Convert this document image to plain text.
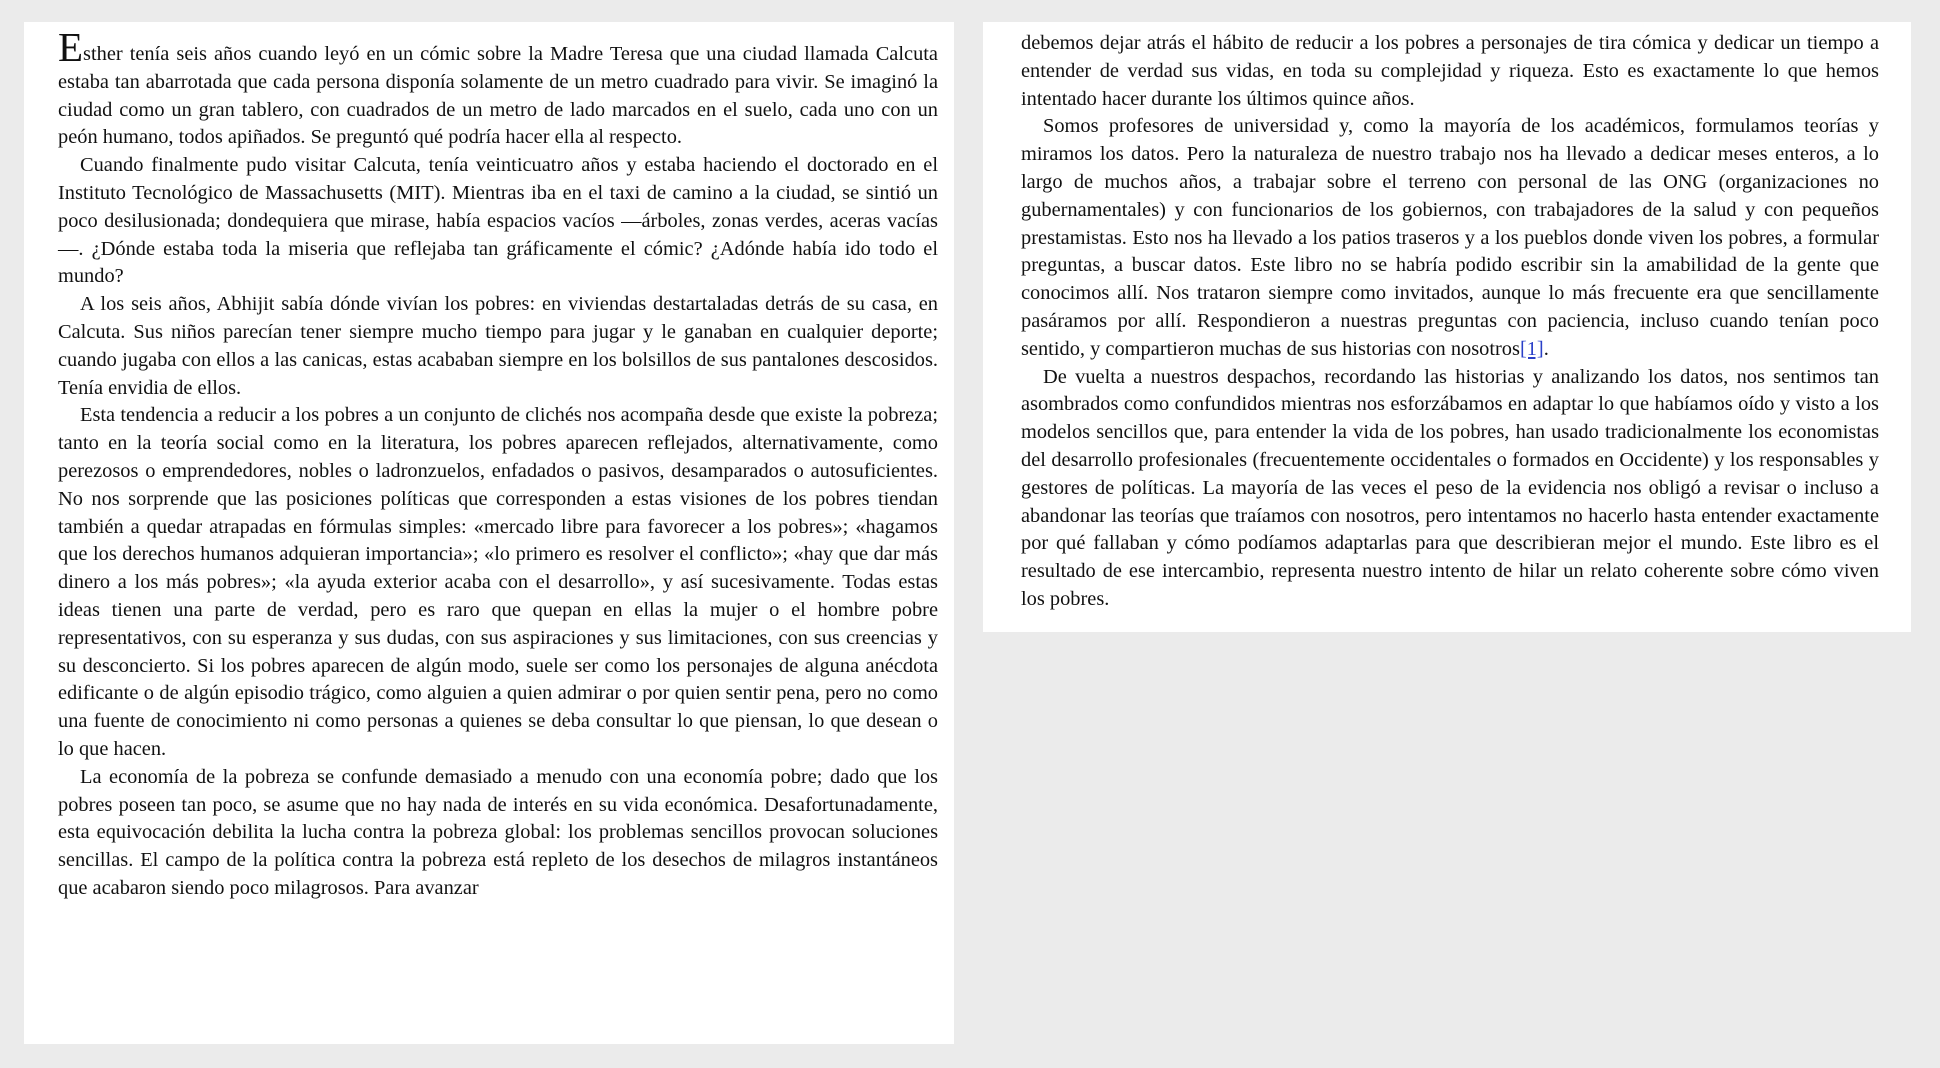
Esther tenía seis años cuando leyó en un cómic sobre la Madre Teresa que una ciudad llamada Calcuta estaba tan abarrotada que cada persona disponía solamente de un metro cuadrado para vivir. Se imaginó la ciudad como un gran tablero, con cuadrados de un metro de lado marcados en el suelo, cada uno con un peón humano, todos apiñados. Se preguntó qué podría hacer ella al respecto.

Cuando finalmente pudo visitar Calcuta, tenía veinticuatro años y estaba haciendo el doctorado en el Instituto Tecnológico de Massachusetts (MIT). Mientras iba en el taxi de camino a la ciudad, se sintió un poco desilusionada; dondequiera que mirase, había espacios vacíos —árboles, zonas verdes, aceras vacías—. ¿Dónde estaba toda la miseria que reflejaba tan gráficamente el cómic? ¿Adónde había ido todo el mundo?

A los seis años, Abhijit sabía dónde vivían los pobres: en viviendas destartaladas detrás de su casa, en Calcuta. Sus niños parecían tener siempre mucho tiempo para jugar y le ganaban en cualquier deporte; cuando jugaba con ellos a las canicas, estas acababan siempre en los bolsillos de sus pantalones descosidos. Tenía envidia de ellos.

Esta tendencia a reducir a los pobres a un conjunto de clichés nos acompaña desde que existe la pobreza; tanto en la teoría social como en la literatura, los pobres aparecen reflejados, alternativamente, como perezosos o emprendedores, nobles o ladronzuelos, enfadados o pasivos, desamparados o autosuficientes. No nos sorprende que las posiciones políticas que corresponden a estas visiones de los pobres tiendan también a quedar atrapadas en fórmulas simples: «mercado libre para favorecer a los pobres»; «hagamos que los derechos humanos adquieran importancia»; «lo primero es resolver el conflicto»; «hay que dar más dinero a los más pobres»; «la ayuda exterior acaba con el desarrollo», y así sucesivamente. Todas estas ideas tienen una parte de verdad, pero es raro que quepan en ellas la mujer o el hombre pobre representativos, con su esperanza y sus dudas, con sus aspiraciones y sus limitaciones, con sus creencias y su desconcierto. Si los pobres aparecen de algún modo, suele ser como los personajes de alguna anécdota edificante o de algún episodio trágico, como alguien a quien admirar o por quien sentir pena, pero no como una fuente de conocimiento ni como personas a quienes se deba consultar lo que piensan, lo que desean o lo que hacen.

La economía de la pobreza se confunde demasiado a menudo con una economía pobre; dado que los pobres poseen tan poco, se asume que no hay nada de interés en su vida económica. Desafortunadamente, esta equivocación debilita la lucha contra la pobreza global: los problemas sencillos provocan soluciones sencillas. El campo de la política contra la pobreza está repleto de los desechos de milagros instantáneos que acabaron siendo poco milagrosos. Para avanzar

debemos dejar atrás el hábito de reducir a los pobres a personajes de tira cómica y dedicar un tiempo a entender de verdad sus vidas, en toda su complejidad y riqueza. Esto es exactamente lo que hemos intentado hacer durante los últimos quince años.

Somos profesores de universidad y, como la mayoría de los académicos, formulamos teorías y miramos los datos. Pero la naturaleza de nuestro trabajo nos ha llevado a dedicar meses enteros, a lo largo de muchos años, a trabajar sobre el terreno con personal de las ONG (organizaciones no gubernamentales) y con funcionarios de los gobiernos, con trabajadores de la salud y con pequeños prestamistas. Esto nos ha llevado a los patios traseros y a los pueblos donde viven los pobres, a formular preguntas, a buscar datos. Este libro no se habría podido escribir sin la amabilidad de la gente que conocimos allí. Nos trataron siempre como invitados, aunque lo más frecuente era que sencillamente pasáramos por allí. Respondieron a nuestras preguntas con paciencia, incluso cuando tenían poco sentido, y compartieron muchas de sus historias con nosotros[1].

De vuelta a nuestros despachos, recordando las historias y analizando los datos, nos sentimos tan asombrados como confundidos mientras nos esforzábamos en adaptar lo que habíamos oído y visto a los modelos sencillos que, para entender la vida de los pobres, han usado tradicionalmente los economistas del desarrollo profesionales (frecuentemente occidentales o formados en Occidente) y los responsables y gestores de políticas. La mayoría de las veces el peso de la evidencia nos obligó a revisar o incluso a abandonar las teorías que traíamos con nosotros, pero intentamos no hacerlo hasta entender exactamente por qué fallaban y cómo podíamos adaptarlas para que describieran mejor el mundo. Este libro es el resultado de ese intercambio, representa nuestro intento de hilar un relato coherente sobre cómo viven los pobres.
